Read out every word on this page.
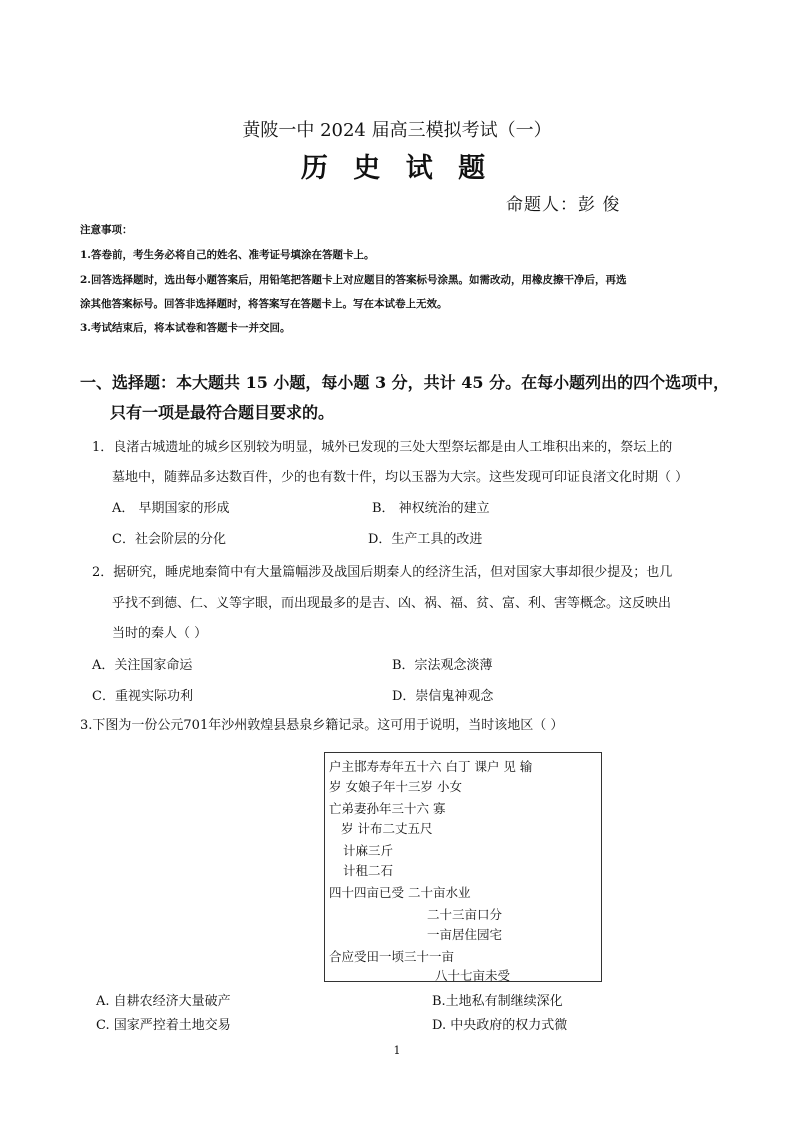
黄陂一中 2024 届高三模拟考试（一）
历 史 试 题
命题人：彭 俊
注意事项：
1.答卷前，考生务必将自己的姓名、准考证号填涂在答题卡上。
2.回答选择题时，选出每小题答案后，用铅笔把答题卡上对应题目的答案标号涂黑。如需改动，用橡皮擦干净后，再选
涂其他答案标号。回答非选择题时，将答案写在答题卡上。写在本试卷上无效。
3.考试结束后，将本试卷和答题卡一并交回。
一、选择题：本大题共 15 小题，每小题 3 分，共计 45 分。在每小题列出的四个选项中，
只有一项是最符合题目要求的。
1．良渚古城遗址的城乡区别较为明显，城外已发现的三处大型祭坛都是由人工堆积出来的，祭坛上的
墓地中，随葬品多达数百件，少的也有数十件，均以玉器为大宗。这些发现可印证良渚文化时期（ ）
A． 早期国家的形成	B． 神权统治的建立
C．社会阶层的分化	D．生产工具的改进
2．据研究，睡虎地秦简中有大量篇幅涉及战国后期秦人的经济生活，但对国家大事却很少提及；也几
乎找不到德、仁、义等字眼，而出现最多的是吉、凶、祸、福、贫、富、利、害等概念。这反映出
当时的秦人（ ）
A．关注国家命运	B．宗法观念淡薄
C．重视实际功利	D．崇信鬼神观念
3.下图为一份公元701年沙州敦煌县悬泉乡籍记录。这可用于说明，当时该地区（ ）
户主邯寿寿年五十六 白丁 课户 见 输
岁 女娘子年十三岁 小女
亡弟妻孙年三十六 寡
岁 计布二丈五尺
计麻三斤
计租二石
四十四亩已受 二十亩水业
二十三亩口分
一亩居住园宅
合应受田一顷三十一亩
八十七亩未受
A. 自耕农经济大量破产	B.土地私有制继续深化
C. 国家严控着土地交易	D. 中央政府的权力式微
1
